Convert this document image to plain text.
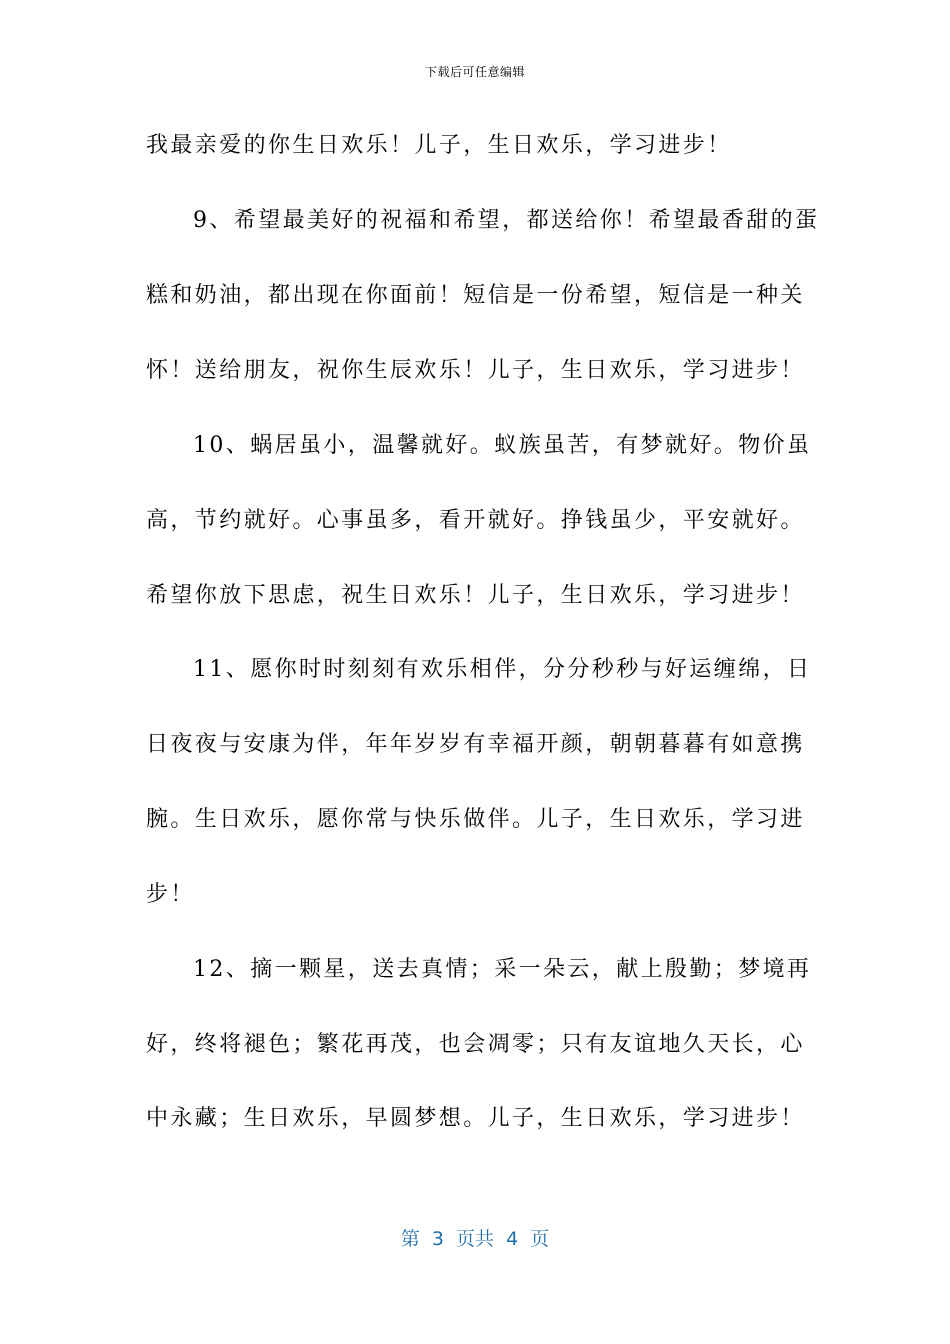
下载后可任意编辑
我最亲爱的你生日欢乐！儿子，生日欢乐，学习进步！
9、希望最美好的祝福和希望，都送给你！希望最香甜的蛋
糕和奶油，都出现在你面前！短信是一份希望，短信是一种关
怀！送给朋友，祝你生辰欢乐！儿子，生日欢乐，学习进步！
10、蜗居虽小，温馨就好。蚁族虽苦，有梦就好。物价虽
高，节约就好。心事虽多，看开就好。挣钱虽少，平安就好。
希望你放下思虑，祝生日欢乐！儿子，生日欢乐，学习进步！
11、愿你时时刻刻有欢乐相伴，分分秒秒与好运缠绵，日
日夜夜与安康为伴，年年岁岁有幸福开颜，朝朝暮暮有如意携
腕。生日欢乐，愿你常与快乐做伴。儿子，生日欢乐，学习进
步！
12、摘一颗星，送去真情；采一朵云，献上殷勤；梦境再
好，终将褪色；繁花再茂，也会凋零；只有友谊地久天长，心
中永藏；生日欢乐，早圆梦想。儿子，生日欢乐，学习进步！
第  3  页共  4  页
